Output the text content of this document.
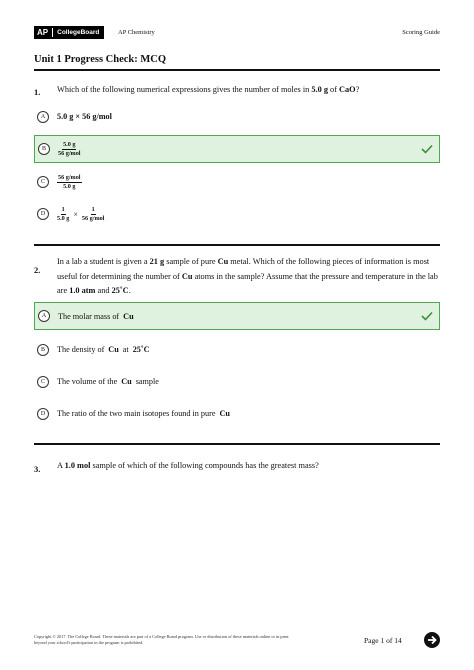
AP CollegeBoard	AP Chemistry	Scoring Guide
Unit 1 Progress Check: MCQ
1. Which of the following numerical expressions gives the number of moles in 5.0 g of CaO?
A	5.0 g × 56 g/mol
B	$\frac{5.0 g}{\text{56 g/mol}}$
C	$\frac{\text{56 g/mol}}{5.0 g}$
D	$\frac{1}{5.0 g} \times \frac{1}{\text{56 g/mol}}$
2.
In a lab a student is given a 21 g sample of pure Cu metal. Which of the following pieces of information is most useful for determining the number of Cu atoms in the sample? Assume that the pressure and temperature in the lab are 1.0 atm and 25˚C.
A	The molar mass of Cu
B	The density of Cu at 25˚C
C	The volume of the Cu sample
D	The ratio of the two main isotopes found in pure Cu
3. A 1.0 mol sample of which of the following compounds has the greatest mass?
Copyright © 2017. The College Board. These materials are part of a College Board program. Use or distribution of these materials online or in print
beyond your school's participation in the program is prohibited.	Page 1 of 14
